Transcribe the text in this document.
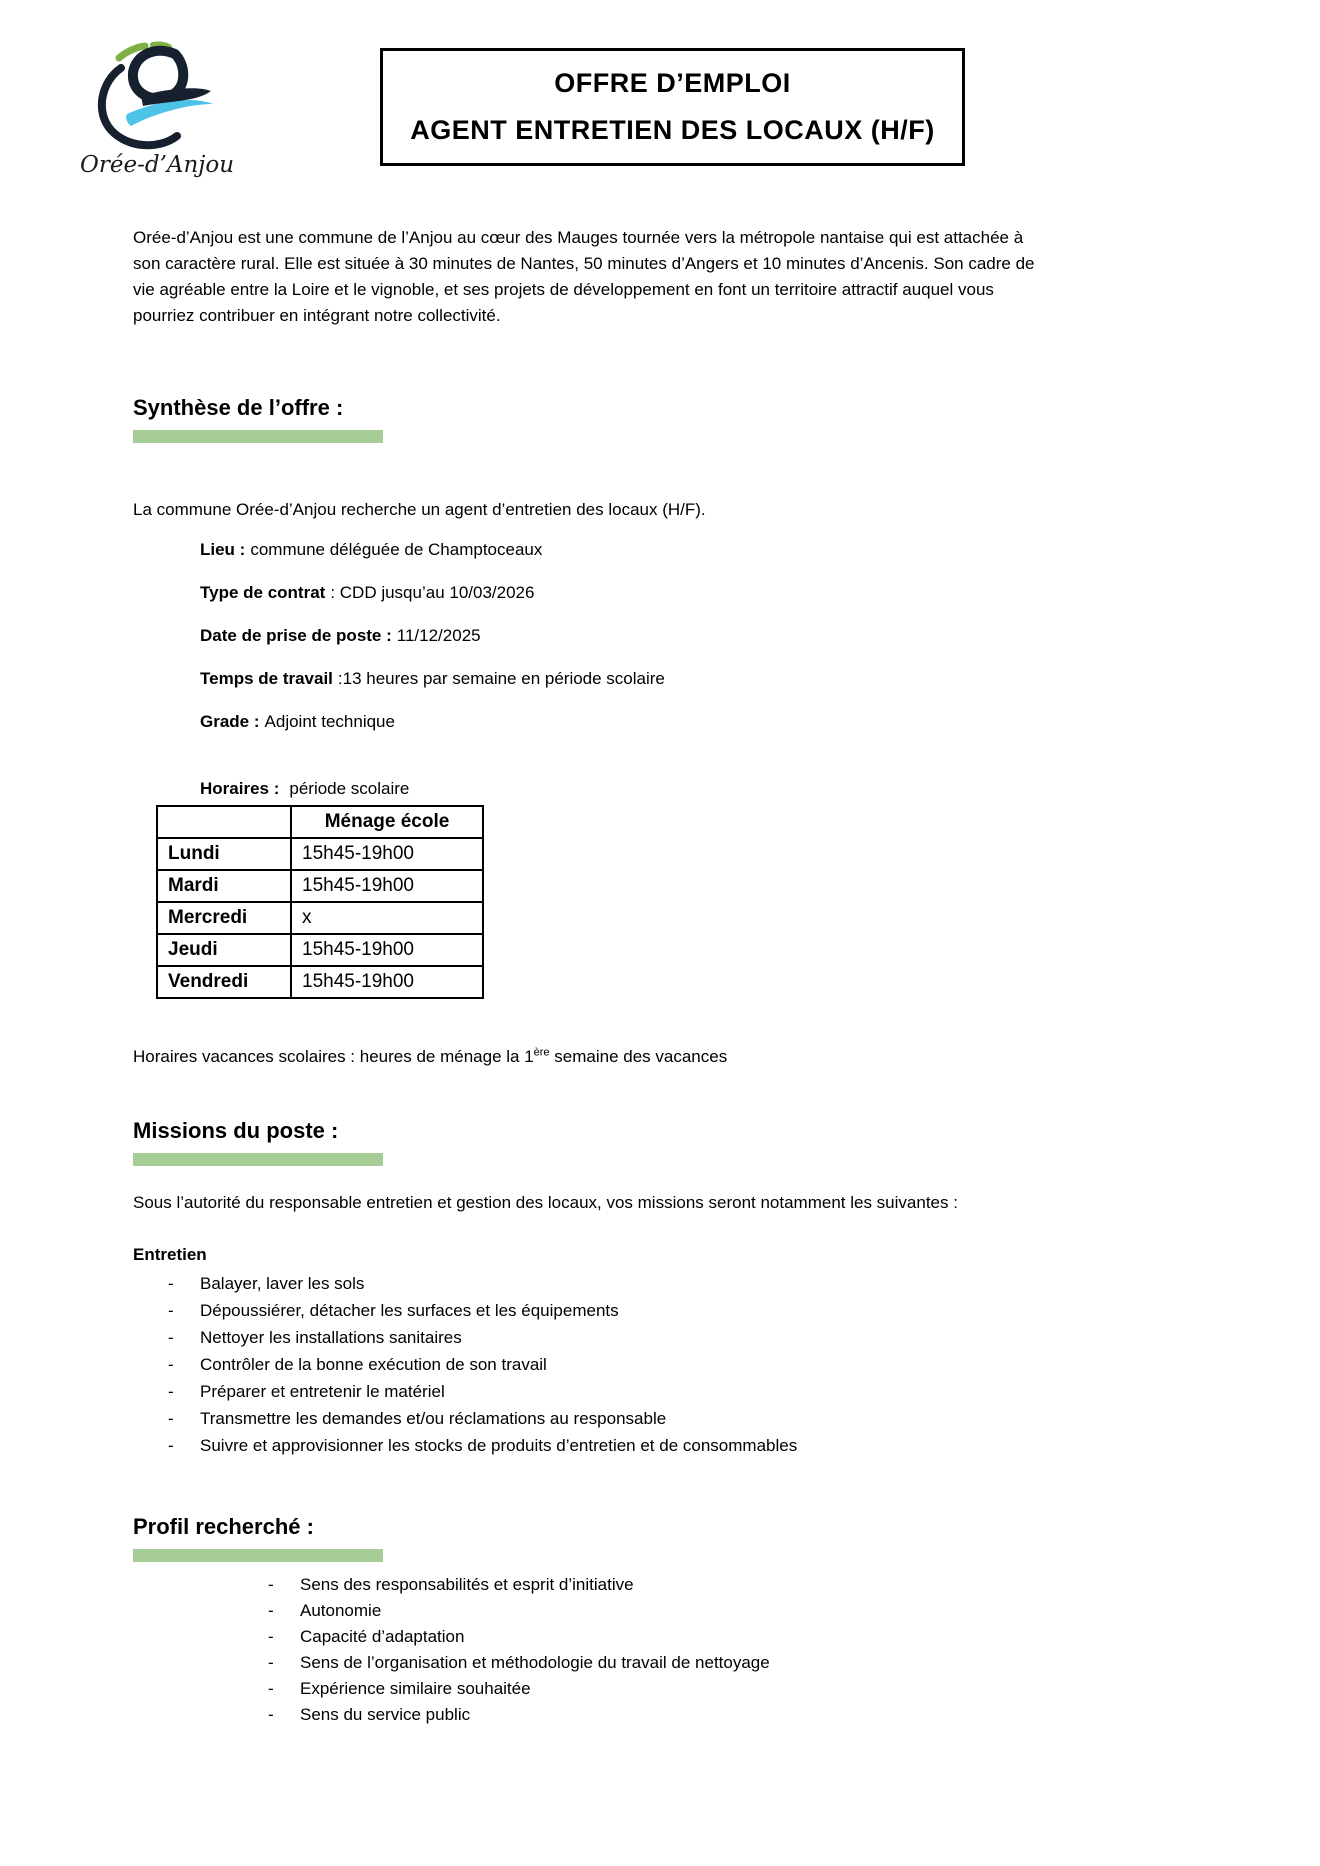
Orée-d’Anjou
OFFRE D’EMPLOI
AGENT ENTRETIEN DES LOCAUX (H/F)

Orée-d’Anjou est une commune de l’Anjou au cœur des Mauges tournée vers la métropole nantaise qui est attachée à son caractère rural. Elle est située à 30 minutes de Nantes, 50 minutes d’Angers et 10 minutes d’Ancenis. Son cadre de vie agréable entre la Loire et le vignoble, et ses projets de développement en font un territoire attractif auquel vous pourriez contribuer en intégrant notre collectivité.

Synthèse de l’offre :
La commune Orée-d’Anjou recherche un agent d’entretien des locaux (H/F).
Lieu : commune déléguée de Champtoceaux
Type de contrat : CDD jusqu’au 10/03/2026
Date de prise de poste : 11/12/2025
Temps de travail :13 heures par semaine en période scolaire
Grade : Adjoint technique
Horaires : période scolaire
	Ménage école
Lundi	15h45-19h00
Mardi	15h45-19h00
Mercredi	x
Jeudi	15h45-19h00
Vendredi	15h45-19h00
Horaires vacances scolaires : heures de ménage la 1ère semaine des vacances
Missions du poste :
Sous l’autorité du responsable entretien et gestion des locaux, vos missions seront notamment les suivantes :
Entretien
-	Balayer, laver les sols
-	Dépoussiérer, détacher les surfaces et les équipements
-	Nettoyer les installations sanitaires
-	Contrôler de la bonne exécution de son travail
-	Préparer et entretenir le matériel
-	Transmettre les demandes et/ou réclamations au responsable
-	Suivre et approvisionner les stocks de produits d’entretien et de consommables
Profil recherché :
-	Sens des responsabilités et esprit d’initiative
-	Autonomie
-	Capacité d’adaptation
-	Sens de l’organisation et méthodologie du travail de nettoyage
-	Expérience similaire souhaitée
-	Sens du service public
